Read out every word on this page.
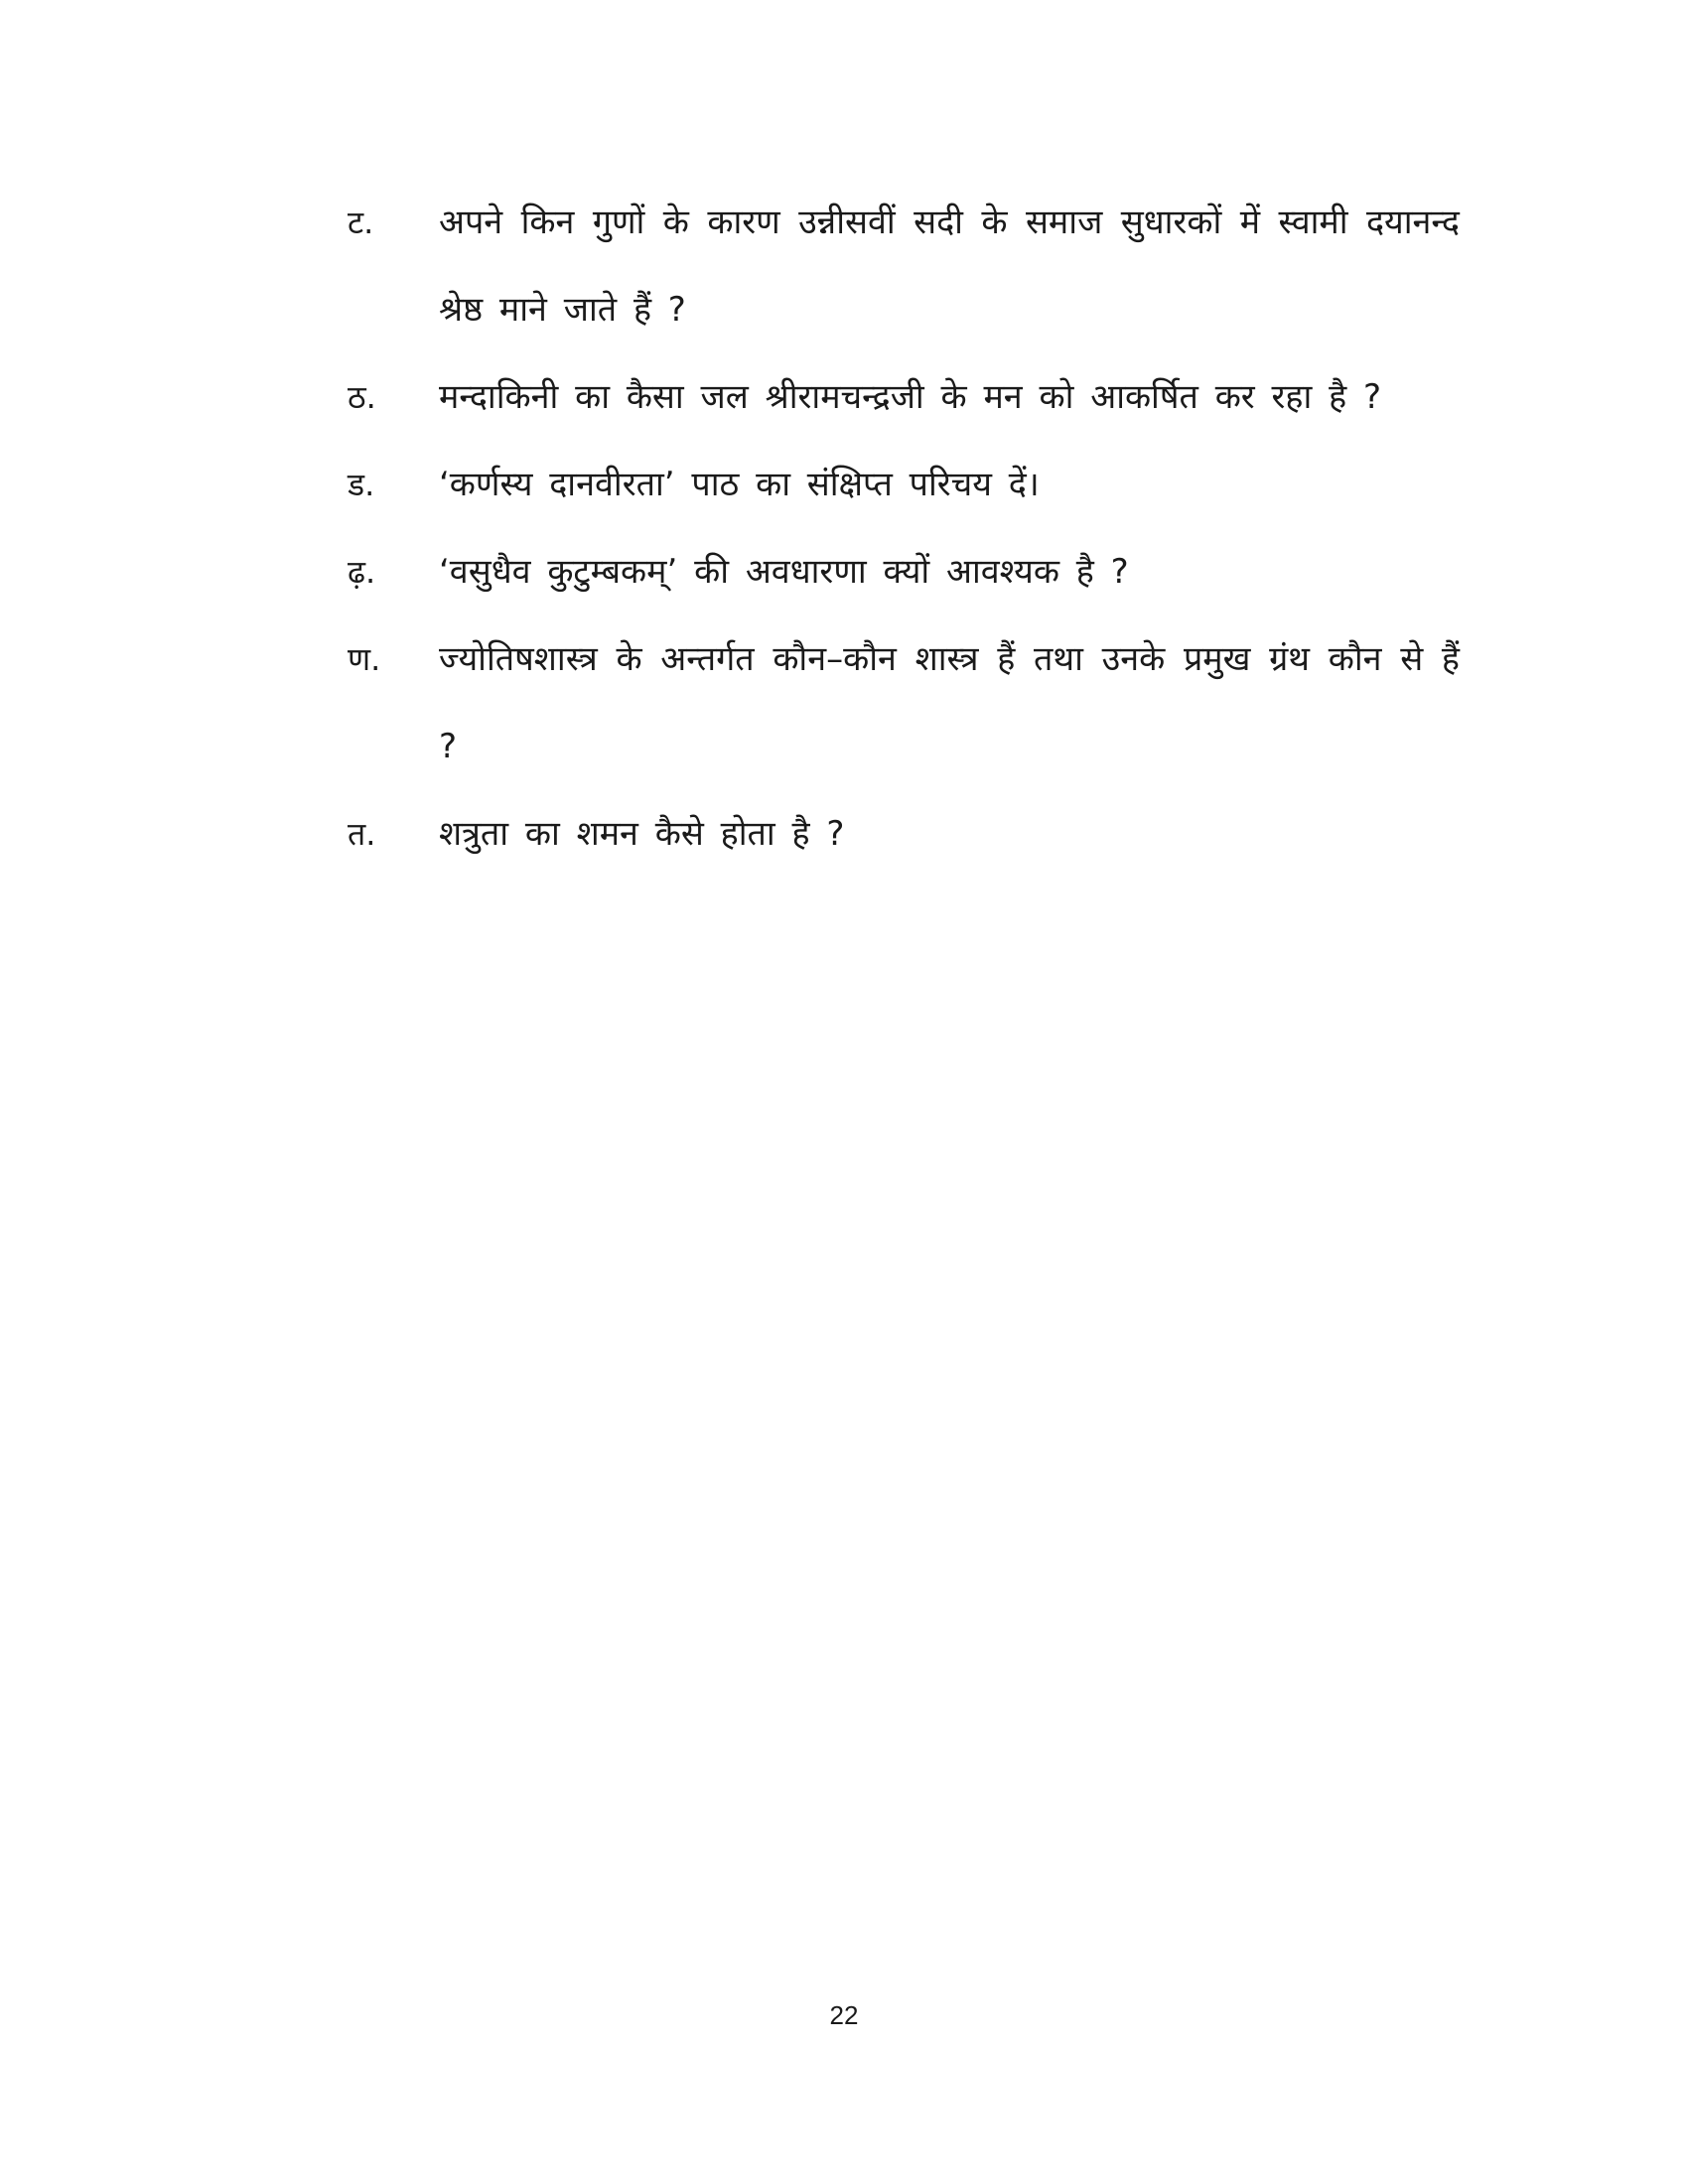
ट.	अपने किन गुणों के कारण उन्नीसवीं सदी के समाज सुधारकों में स्वामी दयानन्द श्रेष्ठ माने जाते हैं ?
ठ.	मन्दाकिनी का कैसा जल श्रीरामचन्द्रजी के मन को आकर्षित कर रहा है ?
ड.	‘कर्णस्य दानवीरता’ पाठ का संक्षिप्त परिचय दें।
ढ़.	‘वसुधैव कुटुम्बकम्’ की अवधारणा क्यों आवश्यक है ?
ण.	ज्योतिषशास्त्र के अन्तर्गत कौन–कौन शास्त्र हैं तथा उनके प्रमुख ग्रंथ कौन से हैं ?
त.	शत्रुता का शमन कैसे होता है ?
22
